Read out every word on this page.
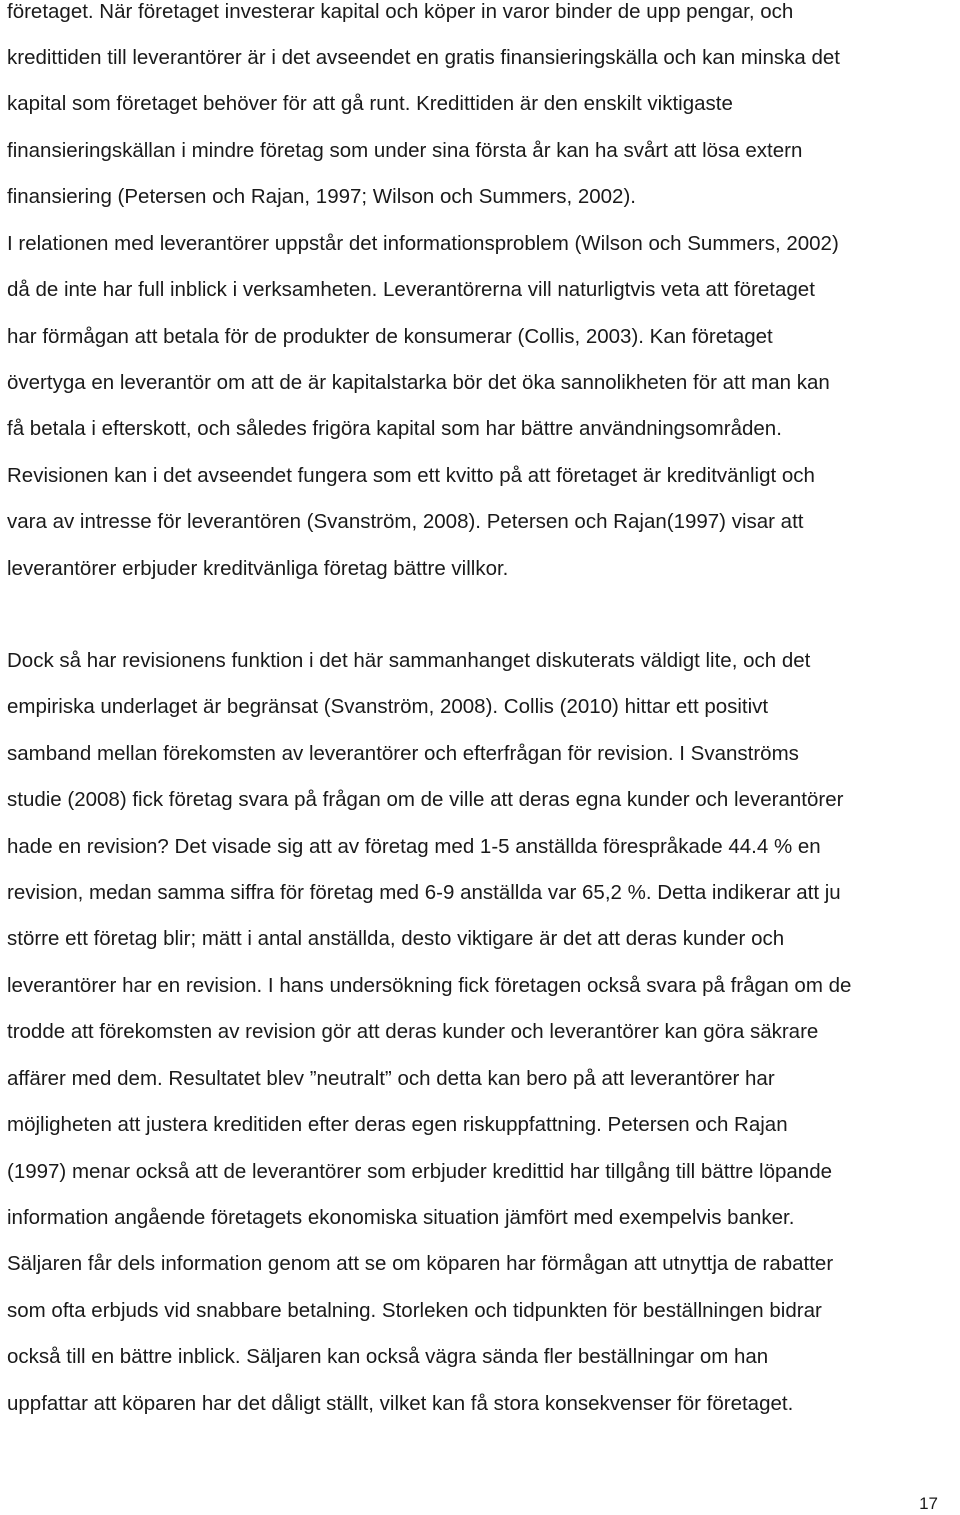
företaget. När företaget investerar kapital och köper in varor binder de upp pengar, och
kredittiden till leverantörer är i det avseendet en gratis finansieringskälla och kan minska det
kapital som företaget behöver för att gå runt. Kredittiden är den enskilt viktigaste
finansieringskällan i mindre företag som under sina första år kan ha svårt att lösa extern
finansiering (Petersen och Rajan, 1997; Wilson och Summers, 2002).
I relationen med leverantörer uppstår det informationsproblem (Wilson och Summers, 2002)
då de inte har full inblick i verksamheten. Leverantörerna vill naturligtvis veta att företaget
har förmågan att betala för de produkter de konsumerar (Collis, 2003). Kan företaget
övertyga en leverantör om att de är kapitalstarka bör det öka sannolikheten för att man kan
få betala i efterskott, och således frigöra kapital som har bättre användningsområden.
Revisionen kan i det avseendet fungera som ett kvitto på att företaget är kreditvänligt och
vara av intresse för leverantören (Svanström, 2008). Petersen och Rajan(1997) visar att
leverantörer erbjuder kreditvänliga företag bättre villkor.
Dock så har revisionens funktion i det här sammanhanget diskuterats väldigt lite, och det
empiriska underlaget är begränsat (Svanström, 2008). Collis (2010) hittar ett positivt
samband mellan förekomsten av leverantörer och efterfrågan för revision. I Svanströms
studie (2008) fick företag svara på frågan om de ville att deras egna kunder och leverantörer
hade en revision? Det visade sig att av företag med 1-5 anställda förespråkade 44.4 % en
revision, medan samma siffra för företag med 6-9 anställda var 65,2 %. Detta indikerar att ju
större ett företag blir; mätt i antal anställda, desto viktigare är det att deras kunder och
leverantörer har en revision. I hans undersökning fick företagen också svara på frågan om de
trodde att förekomsten av revision gör att deras kunder och leverantörer kan göra säkrare
affärer med dem. Resultatet blev ”neutralt” och detta kan bero på att leverantörer har
möjligheten att justera kreditiden efter deras egen riskuppfattning. Petersen och Rajan
(1997) menar också att de leverantörer som erbjuder kredittid har tillgång till bättre löpande
information angående företagets ekonomiska situation jämfört med exempelvis banker.
Säljaren får dels information genom att se om köparen har förmågan att utnyttja de rabatter
som ofta erbjuds vid snabbare betalning. Storleken och tidpunkten för beställningen bidrar
också till en bättre inblick. Säljaren kan också vägra sända fler beställningar om han
uppfattar att köparen har det dåligt ställt, vilket kan få stora konsekvenser för företaget.
17
